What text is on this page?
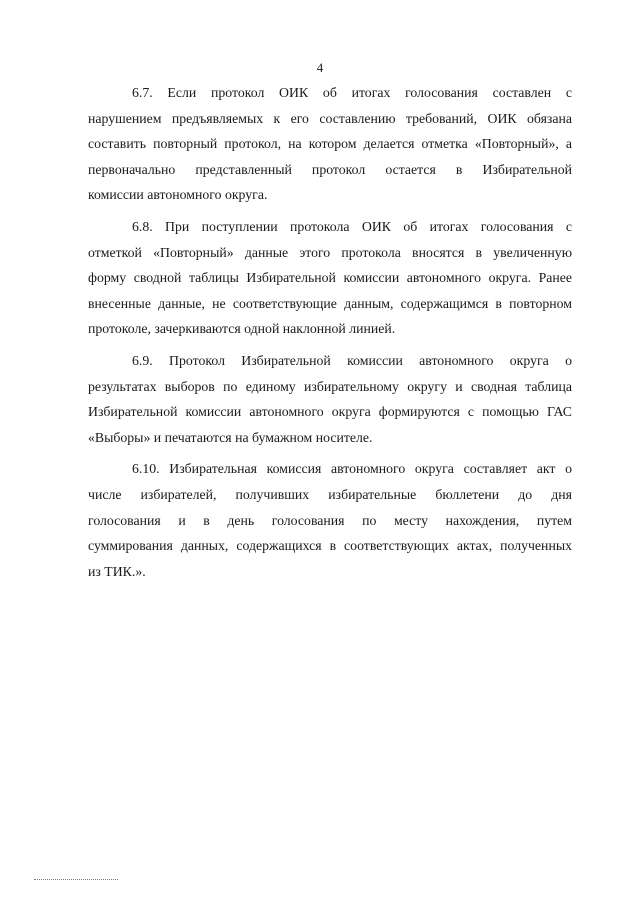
4
6.7. Если протокол ОИК об итогах голосования составлен с
нарушением предъявляемых к его составлению требований, ОИК обязана
составить повторный протокол, на котором делается отметка «Повторный», а
первоначально представленный протокол остается в Избирательной
комиссии автономного округа.
6.8. При поступлении протокола ОИК об итогах голосования с
отметкой «Повторный» данные этого протокола вносятся в увеличенную
форму сводной таблицы Избирательной комиссии автономного округа. Ранее
внесенные данные, не соответствующие данным, содержащимся в повторном
протоколе, зачеркиваются одной наклонной линией.
6.9. Протокол Избирательной комиссии автономного округа о
результатах выборов по единому избирательному округу и сводная таблица
Избирательной комиссии автономного округа формируются с помощью ГАС
«Выборы» и печатаются на бумажном носителе.
6.10. Избирательная комиссия автономного округа составляет акт о
числе избирателей, получивших избирательные бюллетени до дня
голосования и в день голосования по месту нахождения, путем
суммирования данных, содержащихся в соответствующих актах, полученных
из ТИК.».
